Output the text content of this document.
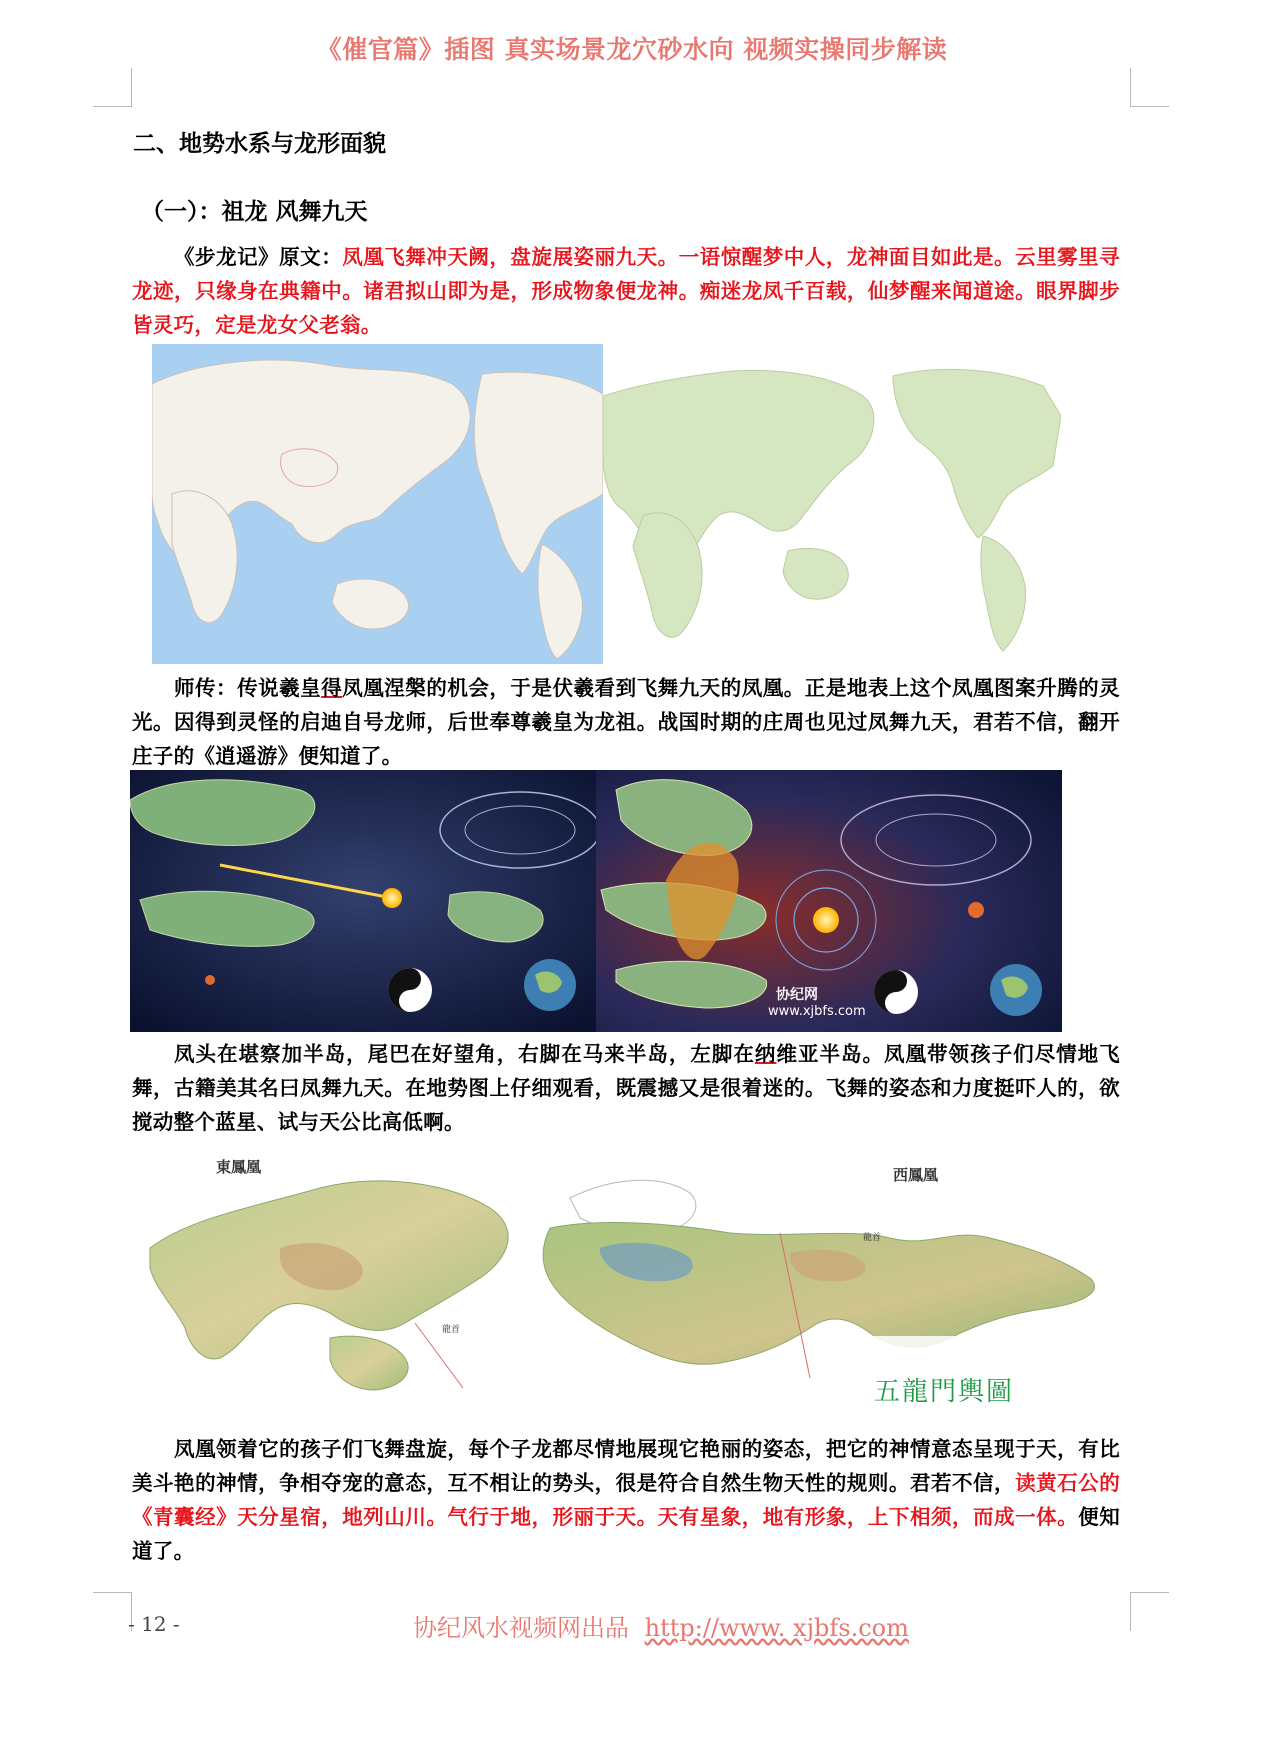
《催官篇》插图 真实场景龙穴砂水向 视频实操同步解读
二、地势水系与龙形面貌
（一）：祖龙 风舞九天
《步龙记》原文：凤凰飞舞冲天阙，盘旋展姿丽九天。一语惊醒梦中人，龙神面目如此是。云里雾里寻龙迹，只缘身在典籍中。诸君拟山即为是，形成物象便龙神。痴迷龙凤千百载，仙梦醒来闻道途。眼界脚步皆灵巧，定是龙女父老翁。
师传：传说羲皇得凤凰涅槃的机会，于是伏羲看到飞舞九天的凤凰。正是地表上这个凤凰图案升腾的灵光。因得到灵怪的启迪自号龙师，后世奉尊羲皇为龙祖。战国时期的庄周也见过凤舞九天，君若不信，翻开庄子的《逍遥游》便知道了。
协纪网
www.xjbfs.com
凤头在堪察加半岛，尾巴在好望角，右脚在马来半岛，左脚在纳维亚半岛。凤凰带领孩子们尽情地飞舞，古籍美其名曰凤舞九天。在地势图上仔细观看，既震撼又是很着迷的。飞舞的姿态和力度挺吓人的，欲搅动整个蓝星、试与天公比高低啊。
東鳳凰	西鳳凰
龍首
龍首
五龍門輿圖
凤凰领着它的孩子们飞舞盘旋，每个子龙都尽情地展现它艳丽的姿态，把它的神情意态呈现于天，有比美斗艳的神情，争相夺宠的意态，互不相让的势头，很是符合自然生物天性的规则。君若不信，读黄石公的《青囊经》天分星宿，地列山川。气行于地，形丽于天。天有星象，地有形象，上下相须，而成一体。便知道了。
- 12 -	协纪风水视频网出品 http://www. xjbfs.com
